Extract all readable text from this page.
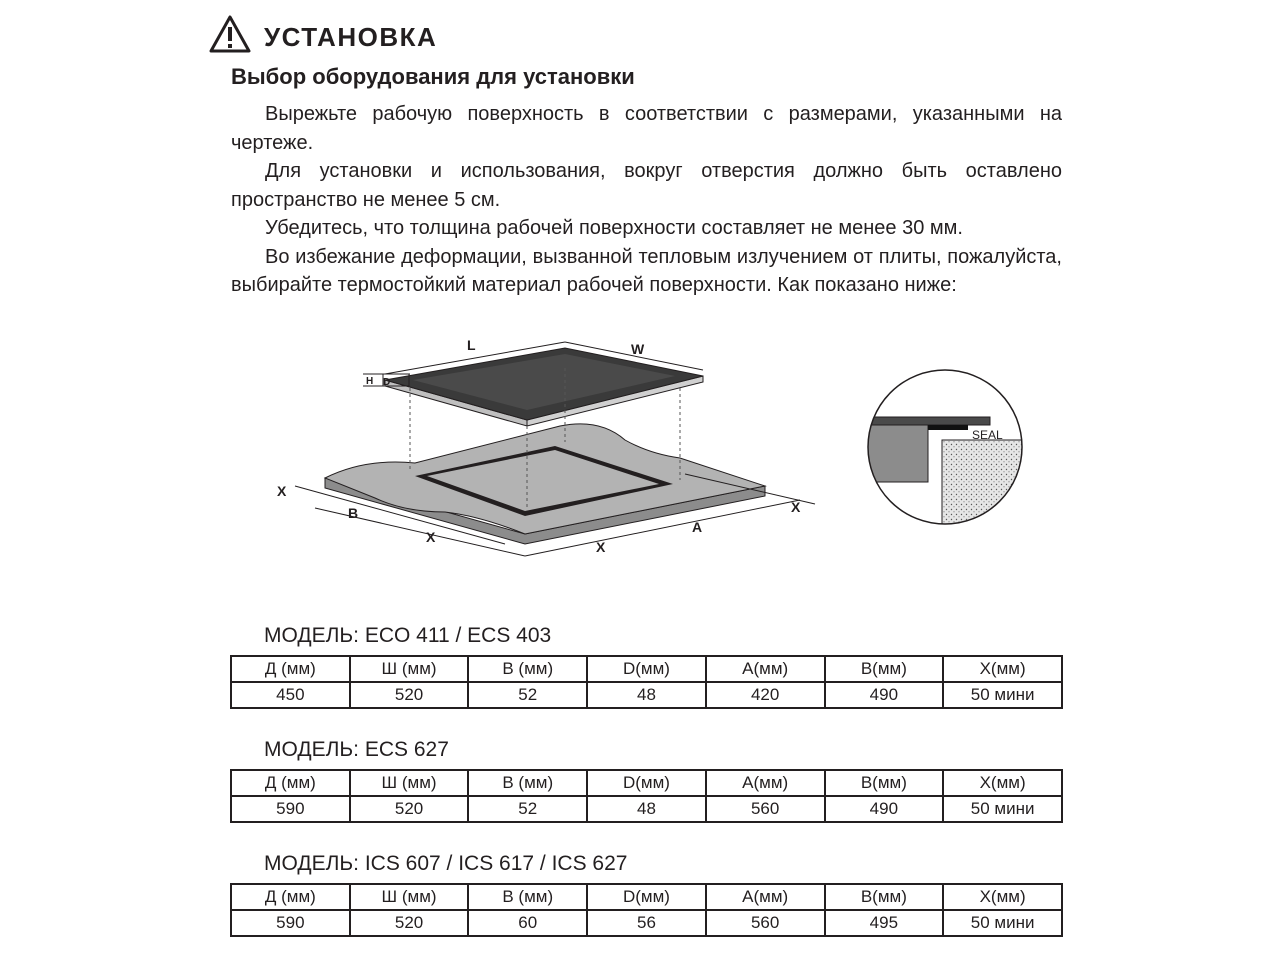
УСТАНОВКА
Выбор оборудования для установки

Вырежьте рабочую поверхность в соответствии с размерами, указанными на чертеже.

Для установки и использования, вокруг отверстия должно быть оставлено пространство не менее 5 см.

Убедитесь, что толщина рабочей поверхности составляет не менее 30 мм.

Во избежание деформации, вызванной тепловым излучением от плиты, пожалуйста, выбирайте термостойкий материал рабочей поверхности. Как показано ниже:

L	W
H D
X
B
X
X
A
X
SEAL
МОДЕЛЬ: ECO 411 / ECS 403
Д (мм)	Ш (мм)	В (мм)	D(мм)	А(мм)	В(мм)	Х(мм)
450	520	52	48	420	490	50 мини
МОДЕЛЬ: ECS 627
Д (мм)	Ш (мм)	В (мм)	D(мм)	А(мм)	В(мм)	Х(мм)
590	520	52	48	560	490	50 мини
МОДЕЛЬ: ICS 607 / ICS 617 / ICS 627
Д (мм)	Ш (мм)	В (мм)	D(мм)	А(мм)	В(мм)	Х(мм)
590	520	60	56	560	495	50 мини
